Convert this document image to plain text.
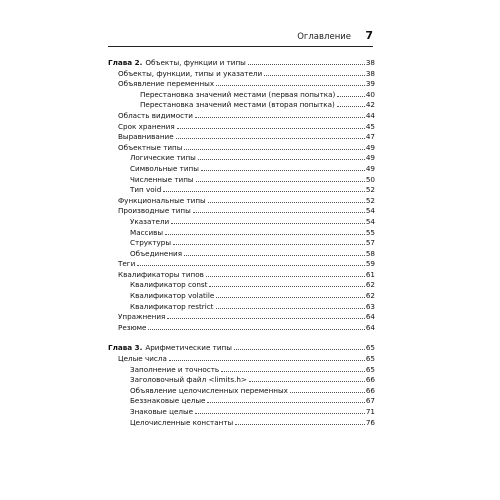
Оглавление 7
Глава 2. Объекты, функции и типы	38
Объекты, функции, типы и указатели	38
Объявление переменных	39
Перестановка значений местами (первая попытка)	40
Перестановка значений местами (вторая попытка)	42
Область видимости	44
Срок хранения	45
Выравнивание	47
Объектные типы	49
Логические типы	49
Символьные типы	49
Численные типы	50
Тип void	52
Функциональные типы	52
Производные типы	54
Указатели	54
Массивы	55
Структуры	57
Объединения	58
Теги	59
Квалификаторы типов	61
Квалификатор const	62
Квалификатор volatile	62
Квалификатор restrict	63
Упражнения	64
Резюме	64
Глава 3. Арифметические типы	65
Целые числа	65
Заполнение и точность	65
Заголовочный файл <limits.h>	66
Объявление целочисленных переменных	66
Беззнаковые целые	67
Знаковые целые	71
Целочисленные константы	76
